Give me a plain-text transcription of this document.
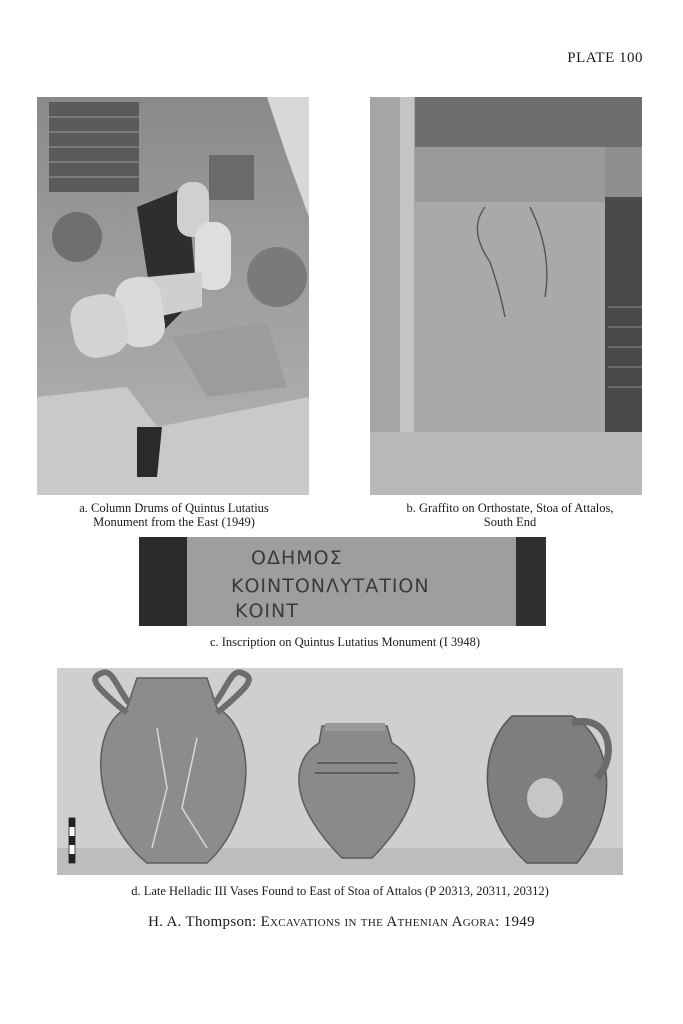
PLATE 100
a. Column Drums of Quintus Lutatius
Monument from the East (1949)
b. Graffito on Orthostate, Stoa of Attalos,
South End
ΟΔΗΜΟΣ
ΚΟΙΝΤΟΝΛΥΤΑΤΙΟΝ
ΚΟΙΝΤ
c. Inscription on Quintus Lutatius Monument (I 3948)
d. Late Helladic III Vases Found to East of Stoa of Attalos (P 20313, 20311, 20312)
H. A. Thompson: Excavations in the Athenian Agora: 1949
